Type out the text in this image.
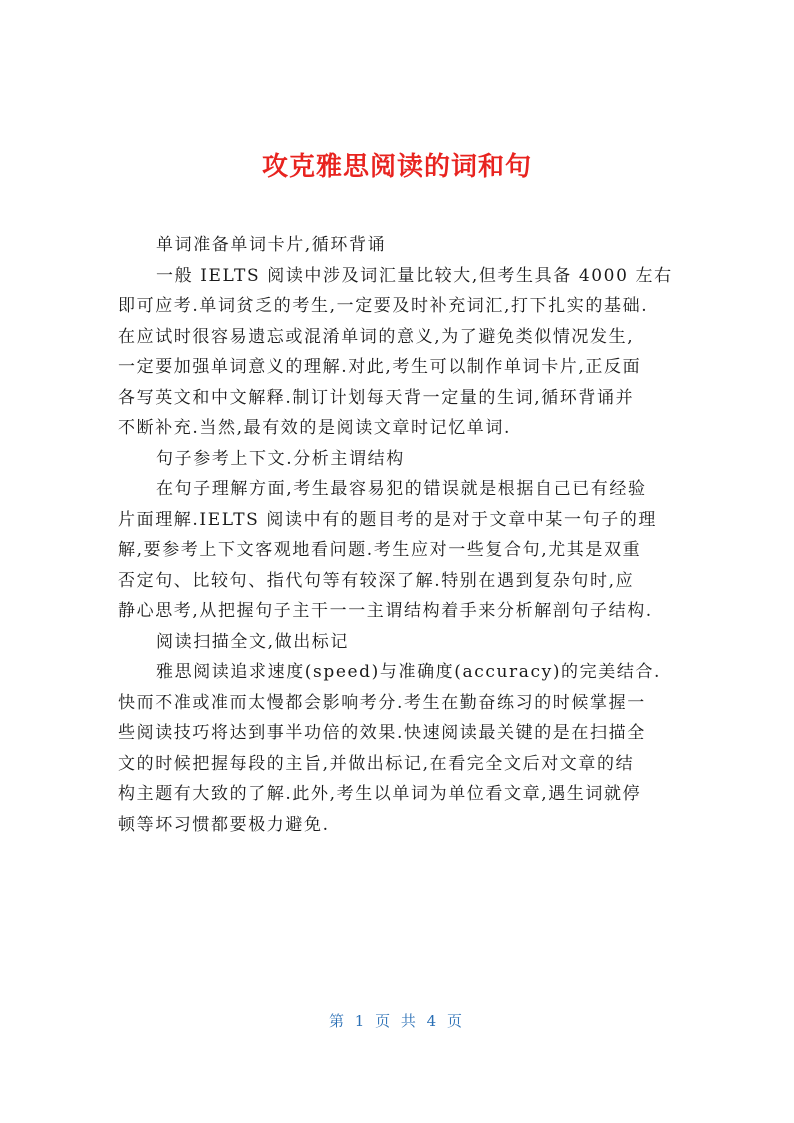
攻克雅思阅读的词和句

单词准备单词卡片,循环背诵

一般 IELTS 阅读中涉及词汇量比较大,但考生具备 4000 左右

即可应考.单词贫乏的考生,一定要及时补充词汇,打下扎实的基础.

在应试时很容易遗忘或混淆单词的意义,为了避免类似情况发生,

一定要加强单词意义的理解.对此,考生可以制作单词卡片,正反面

各写英文和中文解释.制订计划每天背一定量的生词,循环背诵并

不断补充.当然,最有效的是阅读文章时记忆单词.

句子参考上下文.分析主谓结构

在句子理解方面,考生最容易犯的错误就是根据自己已有经验

片面理解.IELTS 阅读中有的题目考的是对于文章中某一句子的理

解,要参考上下文客观地看问题.考生应对一些复合句,尤其是双重

否定句、比较句、指代句等有较深了解.特别在遇到复杂句时,应

静心思考,从把握句子主干一一主谓结构着手来分析解剖句子结构.

阅读扫描全文,做出标记

雅思阅读追求速度(speed)与准确度(accuracy)的完美结合.

快而不准或准而太慢都会影响考分.考生在勤奋练习的时候掌握一

些阅读技巧将达到事半功倍的效果.快速阅读最关键的是在扫描全

文的时候把握每段的主旨,并做出标记,在看完全文后对文章的结

构主题有大致的了解.此外,考生以单词为单位看文章,遇生词就停

顿等坏习惯都要极力避免.

第 1 页 共 4 页
